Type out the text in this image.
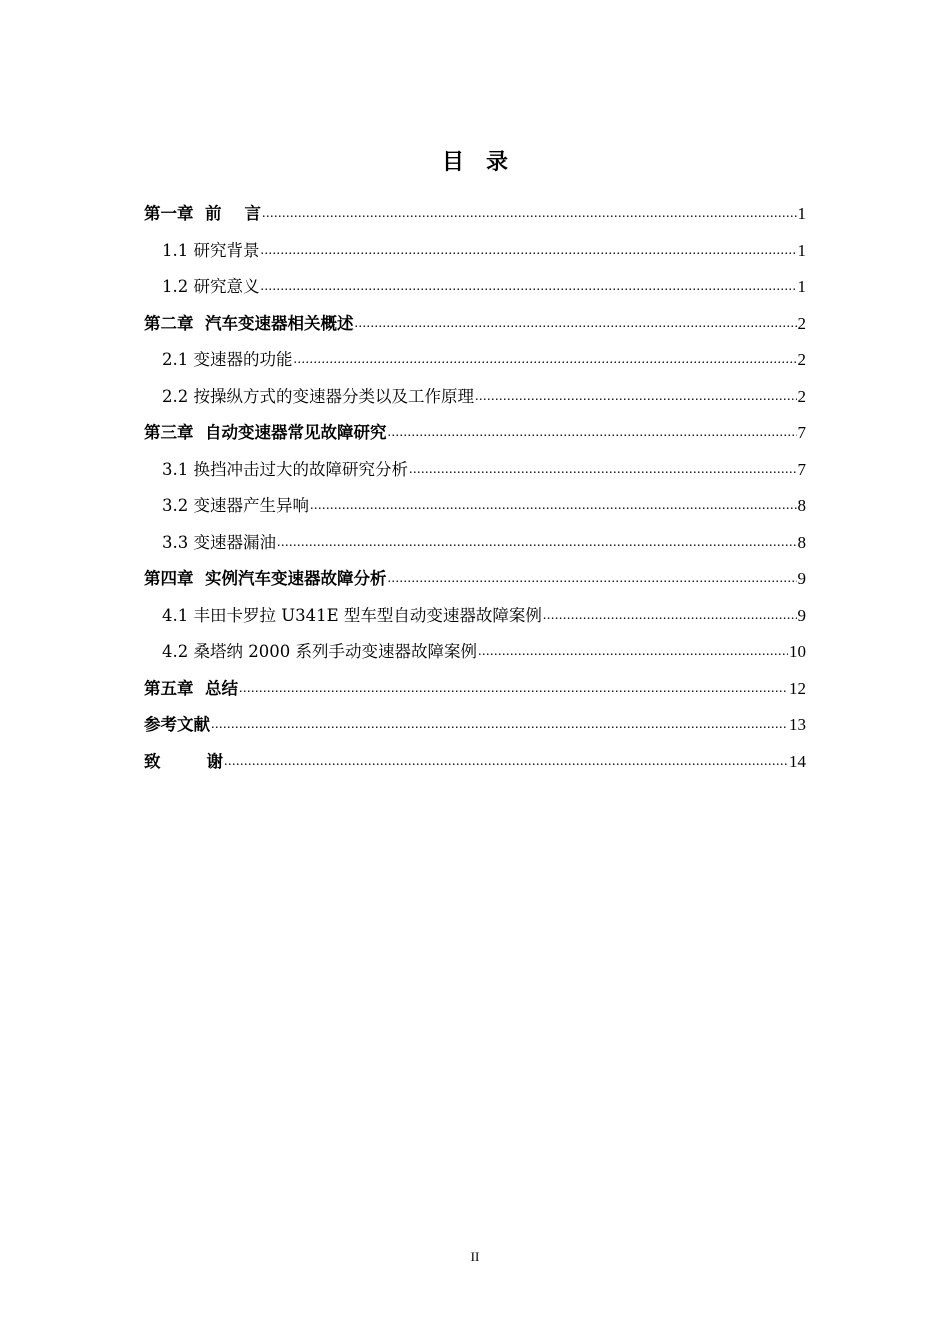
目　录
第一章  前    言 .....	1
1.1 研究背景 .....	1
1.2 研究意义 .....	1
第二章  汽车变速器相关概述 .....	2
2.1 变速器的功能 .....	2
2.2 按操纵方式的变速器分类以及工作原理 .....	2
第三章  自动变速器常见故障研究 .....	7
3.1 换挡冲击过大的故障研究分析 .....	7
3.2 变速器产生异响 .....	8
3.3 变速器漏油 .....	8
第四章  实例汽车变速器故障分析 .....	9
4.1 丰田卡罗拉 U341E 型车型自动变速器故障案例 .....	9
4.2 桑塔纳 2000 系列手动变速器故障案例 .....	10
第五章  总结 .....	12
参考文献 .....	13
致        谢 .....	14
II
